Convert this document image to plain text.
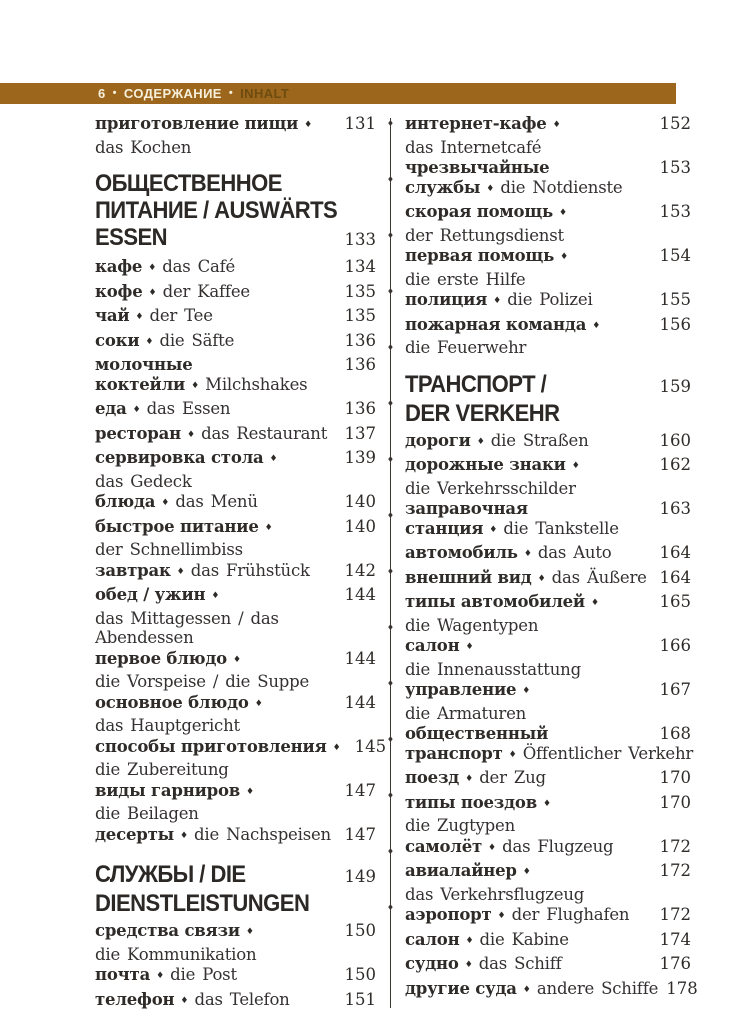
6 • СОДЕРЖАНИЕ • INHALT
приготовление пищи ♦	131
das Kochen
ОБЩЕСТВЕННОЕ
ПИТАНИЕ / AUSWÄRTS
ESSEN	133
кафе ♦ das Café	134
кофе ♦ der Kaffee	135
чай ♦ der Tee	135
соки ♦ die Säfte	136
молочные	136
коктейли ♦ Milchshakes
еда ♦ das Essen	136
ресторан ♦ das Restaurant	137
сервировка стола ♦	139
das Gedeck
блюда ♦ das Menü	140
быстрое питание ♦	140
der Schnellimbiss
завтрак ♦ das Frühstück	142
обед / ужин ♦	144
das Mittagessen / das
Abendessen
первое блюдо ♦	144
die Vorspeise / die Suppe
основное блюдо ♦	144
das Hauptgericht
способы приготовления ♦ 145
die Zubereitung
виды гарниров ♦	147
die Beilagen
десерты ♦ die Nachspeisen 147
СЛУЖБЫ / DIE	149
DIENSTLEISTUNGEN
средства связи ♦	150
die Kommunikation
почта ♦ die Post	150
телефон ♦ das Telefon	151
♦
♦
♦
♦
♦
♦
♦
♦
♦
♦
♦
♦
♦
♦
♦
интернет-кафе ♦	152
das Internetcafé
чрезвычайные	153
службы ♦ die Notdienste
скорая помощь ♦	153
der Rettungsdienst
первая помощь ♦	154
die erste Hilfe
полиция ♦ die Polizei	155
пожарная команда ♦	156
die Feuerwehr
ТРАНСПОРТ /	159
DER VERKEHR
дороги ♦ die Straßen	160
дорожные знаки ♦	162
die Verkehrsschilder
заправочная	163
станция ♦ die Tankstelle
автомобиль ♦ das Auto	164
внешний вид ♦ das Äußere 164
типы автомобилей ♦	165
die Wagentypen
салон ♦	166
die Innenausstattung
управление ♦	167
die Armaturen
общественный	168
транспорт ♦ Öffentlicher Verkehr
поезд ♦ der Zug	170
типы поездов ♦	170
die Zugtypen
самолёт ♦ das Flugzeug	172
авиалайнер ♦	172
das Verkehrsflugzeug
аэропорт ♦ der Flughafen	172
салон ♦ die Kabine	174
судно ♦ das Schiff	176
другие суда ♦ andere Schiffe 178
